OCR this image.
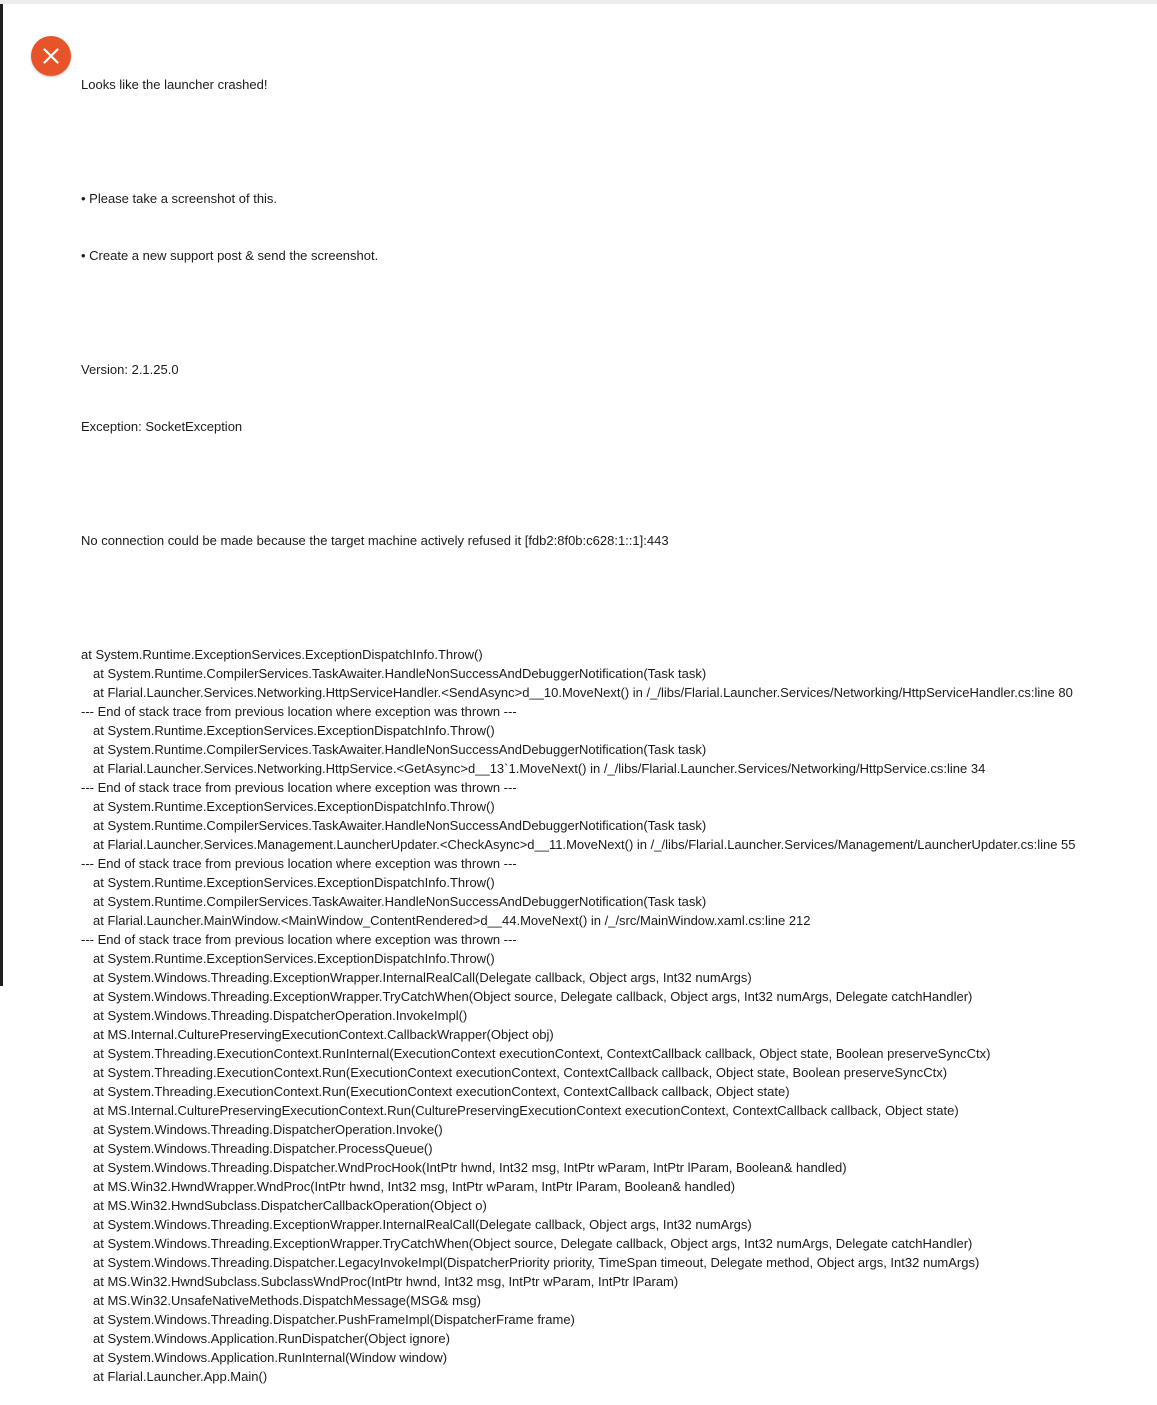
Looks like the launcher crashed!

• Please take a screenshot of this.

• Create a new support post & send the screenshot.

Version: 2.1.25.0

Exception: SocketException

No connection could be made because the target machine actively refused it [fdb2:8f0b:c628:1::1]:443

at System.Runtime.ExceptionServices.ExceptionDispatchInfo.Throw()
at System.Runtime.CompilerServices.TaskAwaiter.HandleNonSuccessAndDebuggerNotification(Task task)
at Flarial.Launcher.Services.Networking.HttpServiceHandler.<SendAsync>d__10.MoveNext() in /_/libs/Flarial.Launcher.Services/Networking/HttpServiceHandler.cs:line 80
--- End of stack trace from previous location where exception was thrown ---
at System.Runtime.ExceptionServices.ExceptionDispatchInfo.Throw()
at System.Runtime.CompilerServices.TaskAwaiter.HandleNonSuccessAndDebuggerNotification(Task task)
at Flarial.Launcher.Services.Networking.HttpService.<GetAsync>d__13`1.MoveNext() in /_/libs/Flarial.Launcher.Services/Networking/HttpService.cs:line 34
--- End of stack trace from previous location where exception was thrown ---
at System.Runtime.ExceptionServices.ExceptionDispatchInfo.Throw()
at System.Runtime.CompilerServices.TaskAwaiter.HandleNonSuccessAndDebuggerNotification(Task task)
at Flarial.Launcher.Services.Management.LauncherUpdater.<CheckAsync>d__11.MoveNext() in /_/libs/Flarial.Launcher.Services/Management/LauncherUpdater.cs:line 55
--- End of stack trace from previous location where exception was thrown ---
at System.Runtime.ExceptionServices.ExceptionDispatchInfo.Throw()
at System.Runtime.CompilerServices.TaskAwaiter.HandleNonSuccessAndDebuggerNotification(Task task)
at Flarial.Launcher.MainWindow.<MainWindow_ContentRendered>d__44.MoveNext() in /_/src/MainWindow.xaml.cs:line 212
--- End of stack trace from previous location where exception was thrown ---
at System.Runtime.ExceptionServices.ExceptionDispatchInfo.Throw()
at System.Windows.Threading.ExceptionWrapper.InternalRealCall(Delegate callback, Object args, Int32 numArgs)
at System.Windows.Threading.ExceptionWrapper.TryCatchWhen(Object source, Delegate callback, Object args, Int32 numArgs, Delegate catchHandler)
at System.Windows.Threading.DispatcherOperation.InvokeImpl()
at MS.Internal.CulturePreservingExecutionContext.CallbackWrapper(Object obj)
at System.Threading.ExecutionContext.RunInternal(ExecutionContext executionContext, ContextCallback callback, Object state, Boolean preserveSyncCtx)
at System.Threading.ExecutionContext.Run(ExecutionContext executionContext, ContextCallback callback, Object state, Boolean preserveSyncCtx)
at System.Threading.ExecutionContext.Run(ExecutionContext executionContext, ContextCallback callback, Object state)
at MS.Internal.CulturePreservingExecutionContext.Run(CulturePreservingExecutionContext executionContext, ContextCallback callback, Object state)
at System.Windows.Threading.DispatcherOperation.Invoke()
at System.Windows.Threading.Dispatcher.ProcessQueue()
at System.Windows.Threading.Dispatcher.WndProcHook(IntPtr hwnd, Int32 msg, IntPtr wParam, IntPtr lParam, Boolean& handled)
at MS.Win32.HwndWrapper.WndProc(IntPtr hwnd, Int32 msg, IntPtr wParam, IntPtr lParam, Boolean& handled)
at MS.Win32.HwndSubclass.DispatcherCallbackOperation(Object o)
at System.Windows.Threading.ExceptionWrapper.InternalRealCall(Delegate callback, Object args, Int32 numArgs)
at System.Windows.Threading.ExceptionWrapper.TryCatchWhen(Object source, Delegate callback, Object args, Int32 numArgs, Delegate catchHandler)
at System.Windows.Threading.Dispatcher.LegacyInvokeImpl(DispatcherPriority priority, TimeSpan timeout, Delegate method, Object args, Int32 numArgs)
at MS.Win32.HwndSubclass.SubclassWndProc(IntPtr hwnd, Int32 msg, IntPtr wParam, IntPtr lParam)
at MS.Win32.UnsafeNativeMethods.DispatchMessage(MSG& msg)
at System.Windows.Threading.Dispatcher.PushFrameImpl(DispatcherFrame frame)
at System.Windows.Application.RunDispatcher(Object ignore)
at System.Windows.Application.RunInternal(Window window)
at Flarial.Launcher.App.Main()
